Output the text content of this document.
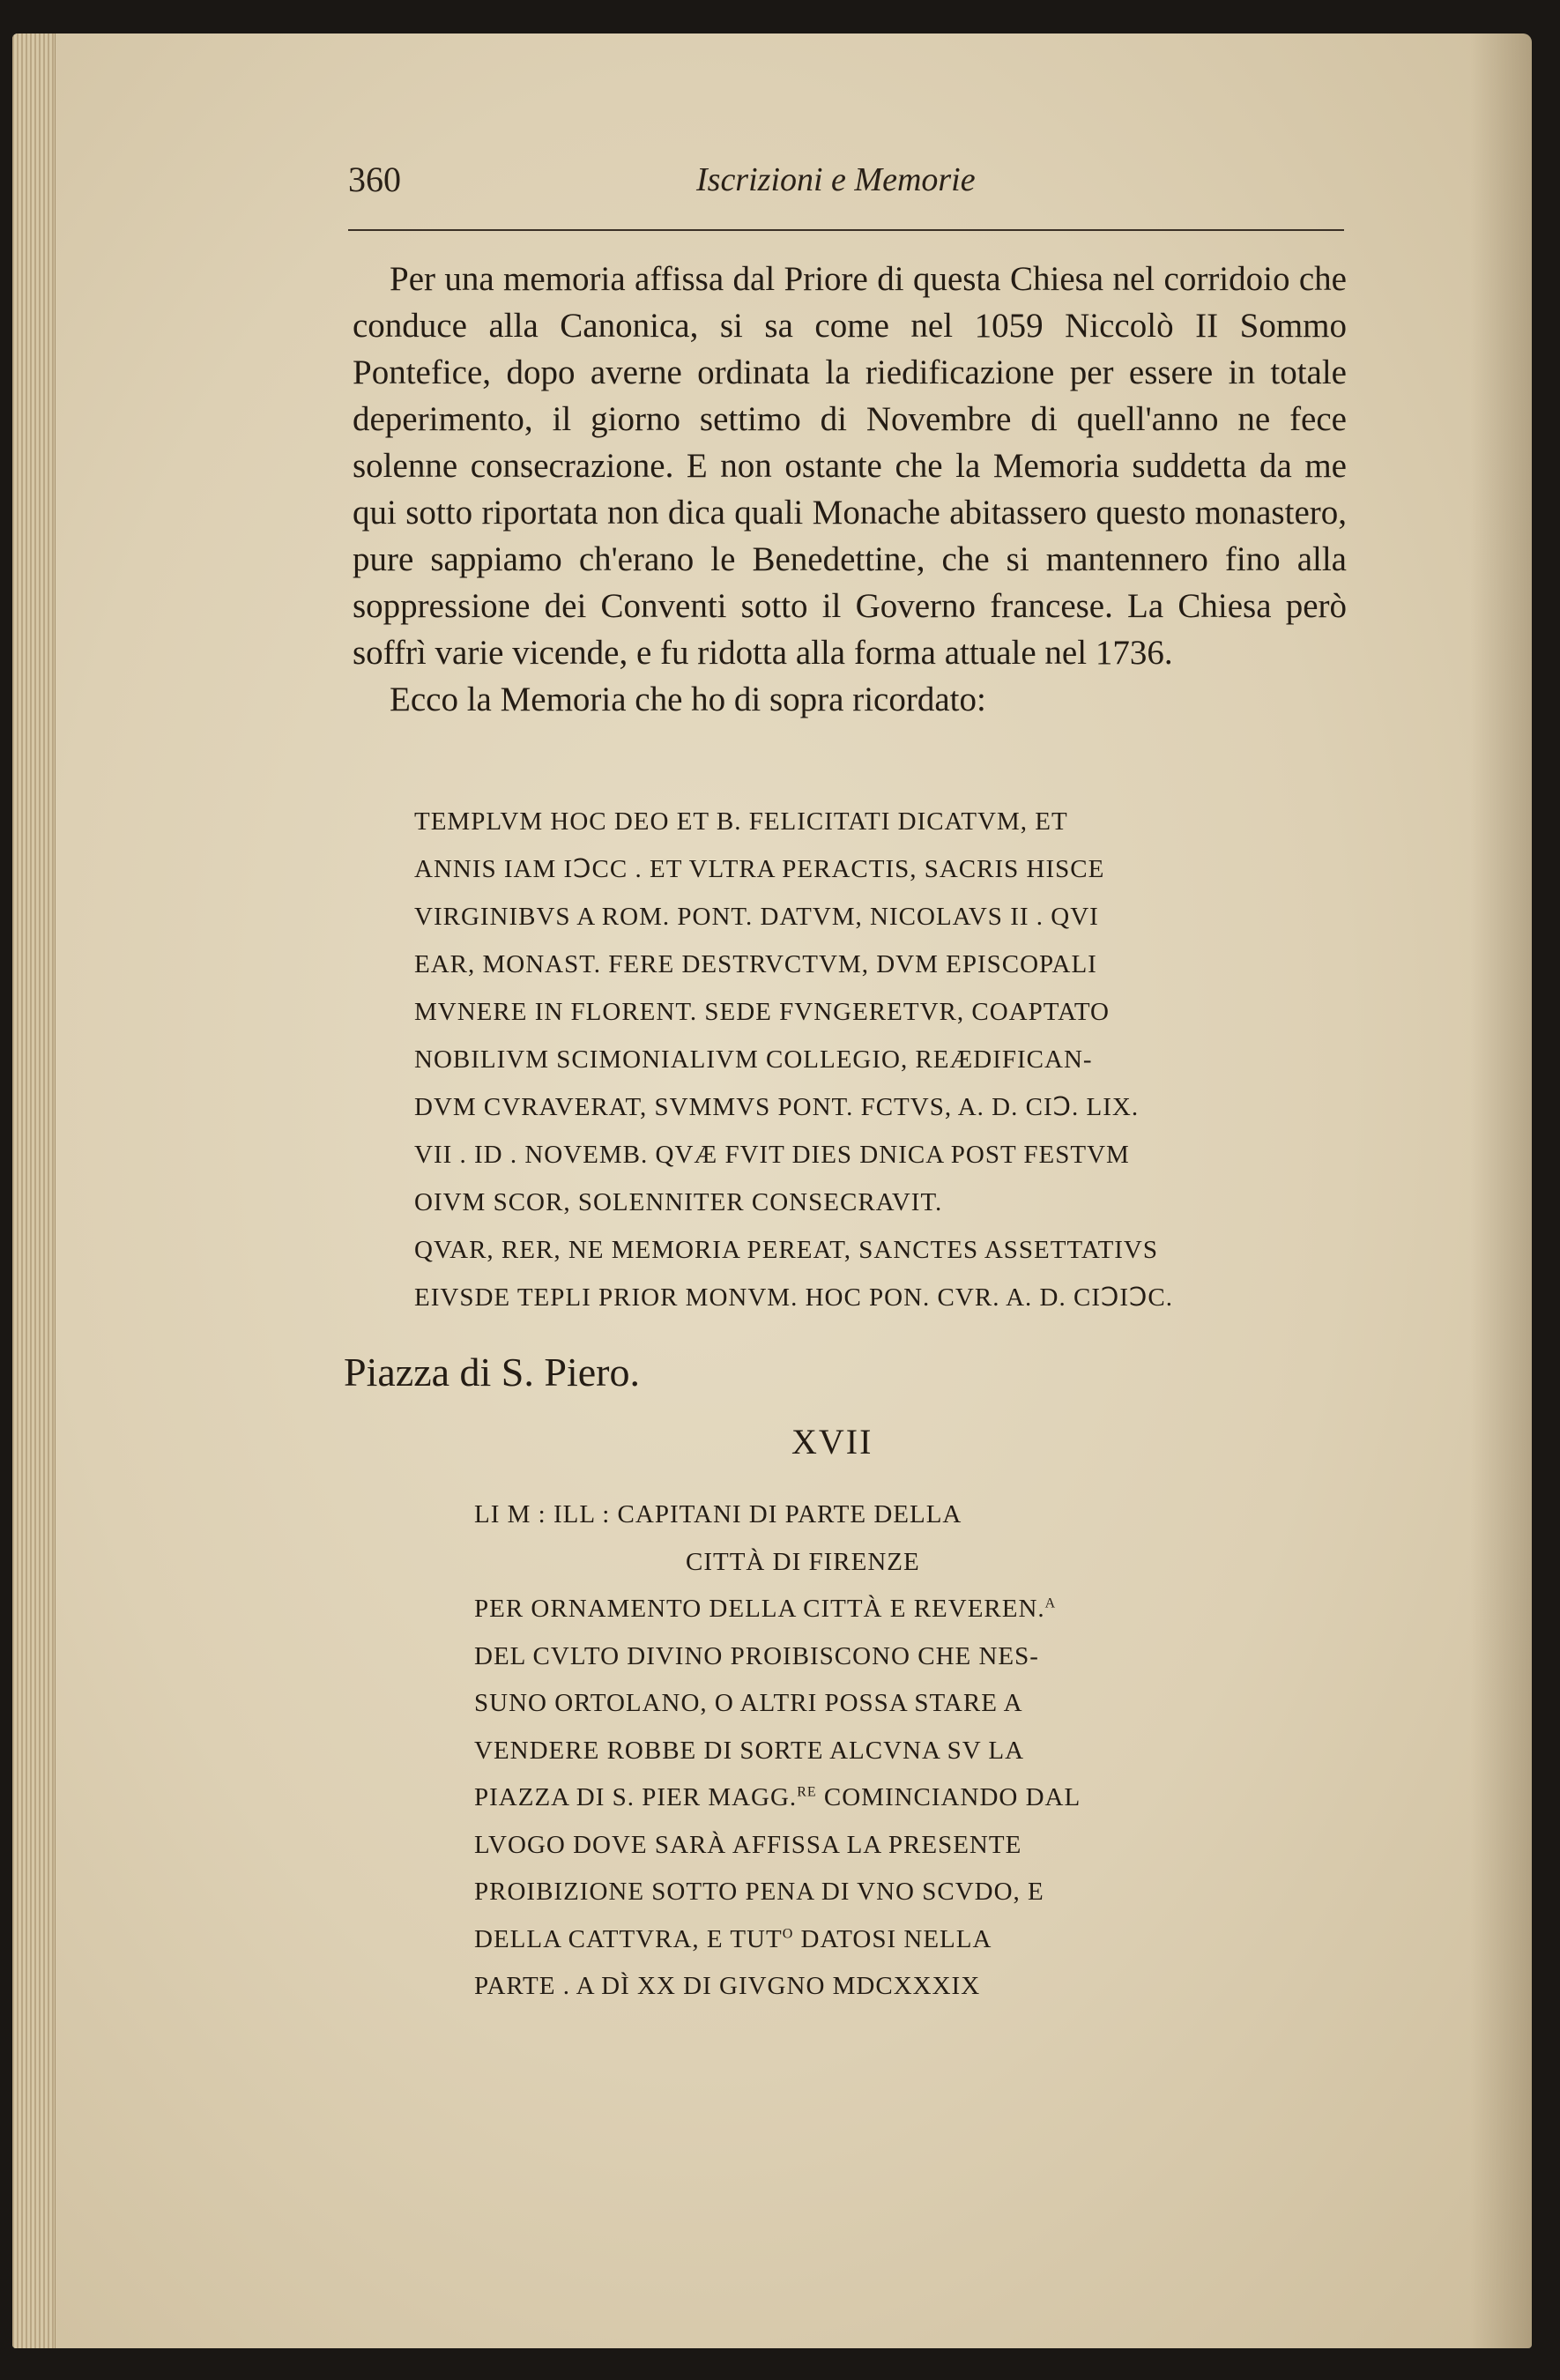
360	Iscrizioni e Memorie

Per una memoria affissa dal Priore di questa Chiesa nel corridoio che conduce alla Canonica, si sa come nel 1059 Niccolò II Sommo Pontefice, dopo averne ordinata la riedificazione per essere in totale deperimento, il giorno settimo di Novembre di quell'anno ne fece solenne consecrazione. E non ostante che la Memoria suddetta da me qui sotto riportata non dica quali Monache abitassero questo monastero, pure sappiamo ch'erano le Benedettine, che si mantennero fino alla soppressione dei Conventi sotto il Governo francese. La Chiesa però soffrì varie vicende, e fu ridotta alla forma attuale nel 1736.

Ecco la Memoria che ho di sopra ricordato:

TEMPLVM HOC DEO ET B. FELICITATI DICATVM, ET
ANNIS IAM IↃCC . ET VLTRA PERACTIS, SACRIS HISCE
VIRGINIBVS A ROM. PONT. DATVM, NICOLAVS II . QVI
EAR, MONAST. FERE DESTRVCTVM, DVM EPISCOPALI
MVNERE IN FLORENT. SEDE FVNGERETVR, COAPTATO
NOBILIVM SCIMONIALIVM COLLEGIO, REÆDIFICAN-
DVM CVRAVERAT, SVMMVS PONT. FCTVS, A. D. CIↃ. LIX.
VII . ID . NOVEMB. QVÆ FVIT DIES DNICA POST FESTVM
OIVM SCOR, SOLENNITER CONSECRAVIT.
QVAR, RER, NE MEMORIA PEREAT, SANCTES ASSETTATIVS
EIVSDE TEPLI PRIOR MONVM. HOC PON. CVR. A. D. CIↃIↃC.
Piazza di S. Piero.
XVII
LI M : ILL : CAPITANI DI PARTE DELLA
CITTÀ DI FIRENZE
PER ORNAMENTO DELLA CITTÀ E REVEREN.$^A$
DEL CVLTO DIVINO PROIBISCONO CHE NES-
SUNO ORTOLANO, O ALTRI POSSA STARE A
VENDERE ROBBE DI SORTE ALCVNA SV LA
PIAZZA DI S. PIER MAGG.$^{RE}$ COMINCIANDO DAL
LVOGO DOVE SARÀ AFFISSA LA PRESENTE
PROIBIZIONE SOTTO PENA DI VNO SCVDO, E
DELLA CATTVRA, E $TUT^O$ DATOSI NELLA
PARTE . A DÌ XX DI GIVGNO MDCXXXIX
